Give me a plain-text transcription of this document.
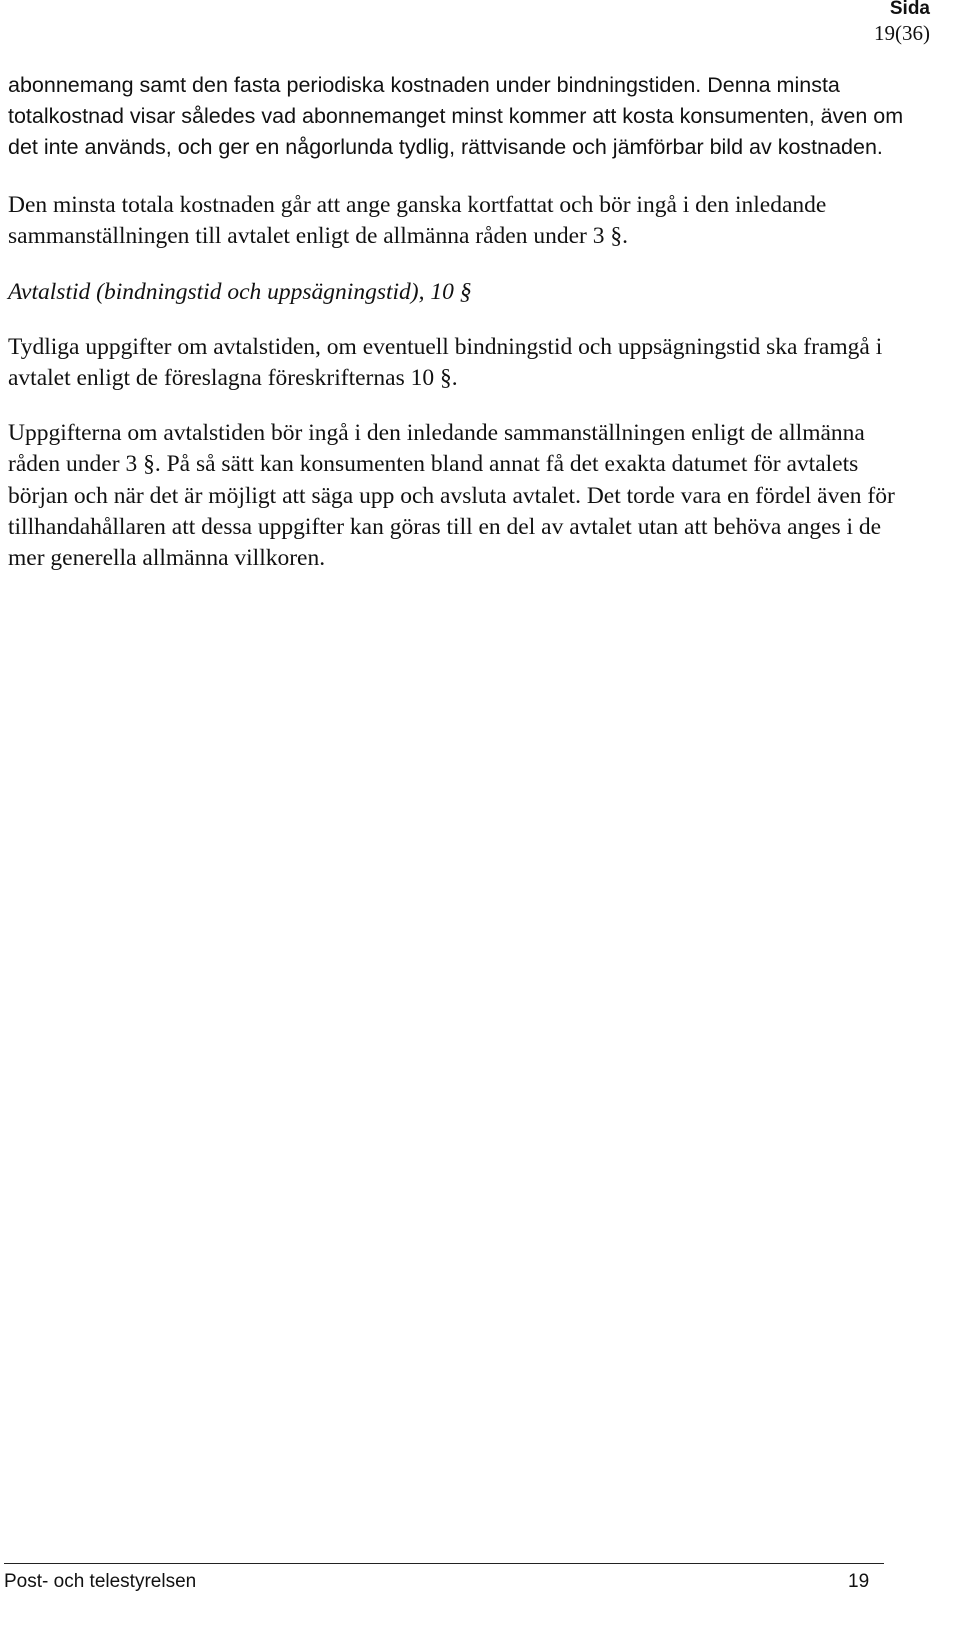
Sida
19(36)

abonnemang samt den fasta periodiska kostnaden under bindningstiden. Denna minsta totalkostnad visar således vad abonnemanget minst kommer att kosta konsumenten, även om det inte används, och ger en någorlunda tydlig, rättvisande och jämförbar bild av kostnaden.

Den minsta totala kostnaden går att ange ganska kortfattat och bör ingå i den inledande sammanställningen till avtalet enligt de allmänna råden under 3 §.

Avtalstid (bindningstid och uppsägningstid), 10 §

Tydliga uppgifter om avtalstiden, om eventuell bindningstid och uppsägningstid ska framgå i avtalet enligt de föreslagna föreskrifternas 10 §.

Uppgifterna om avtalstiden bör ingå i den inledande sammanställningen enligt de allmänna råden under 3 §. På så sätt kan konsumenten bland annat få det exakta datumet för avtalets början och när det är möjligt att säga upp och avsluta avtalet. Det torde vara en fördel även för tillhandahållaren att dessa uppgifter kan göras till en del av avtalet utan att behöva anges i de mer generella allmänna villkoren.

Post- och telestyrelsen	19
